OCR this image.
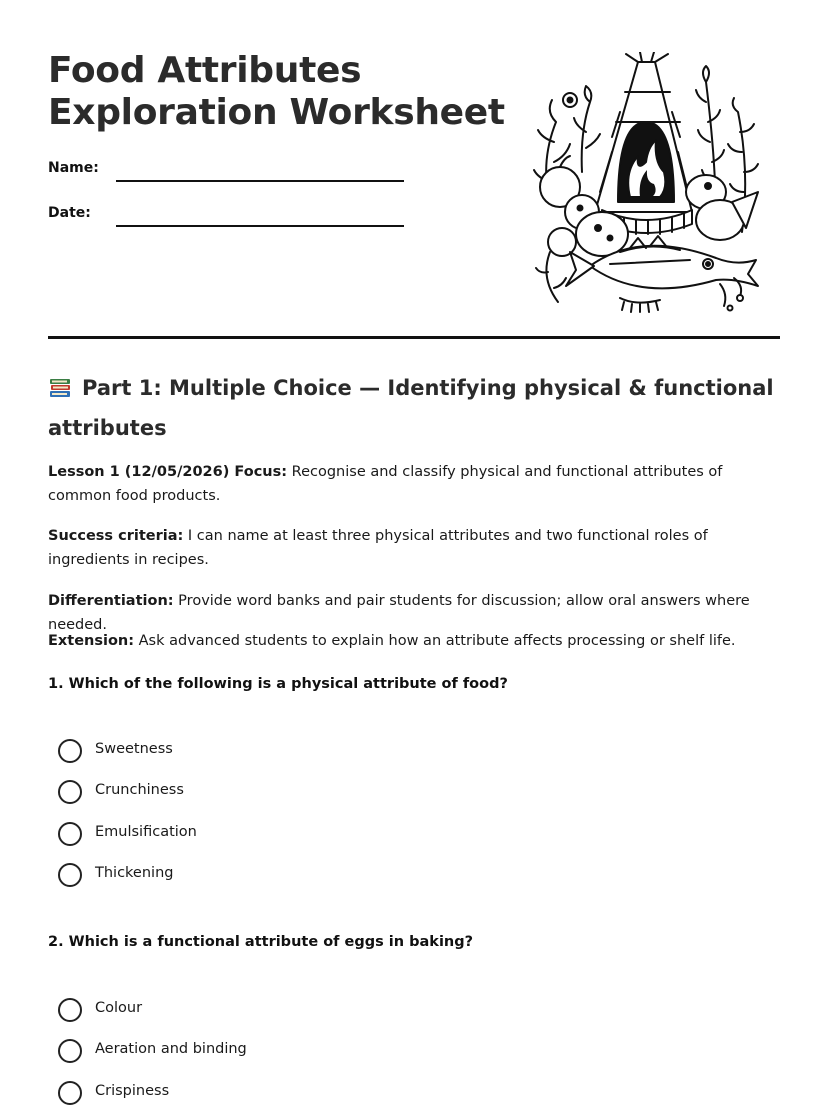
Food Attributes
Exploration Worksheet
Name:
Date:
Part 1: Multiple Choice — Identifying physical & functional attributes
Lesson 1 (12/05/2026) Focus: Recognise and classify physical and functional attributes of common food products.
Success criteria: I can name at least three physical attributes and two functional roles of ingredients in recipes.
Differentiation: Provide word banks and pair students for discussion; allow oral answers where needed.
Extension: Ask advanced students to explain how an attribute affects processing or shelf life.
1. Which of the following is a physical attribute of food?
Sweetness
Crunchiness
Emulsification
Thickening
2. Which is a functional attribute of eggs in baking?
Colour
Aeration and binding
Crispiness
